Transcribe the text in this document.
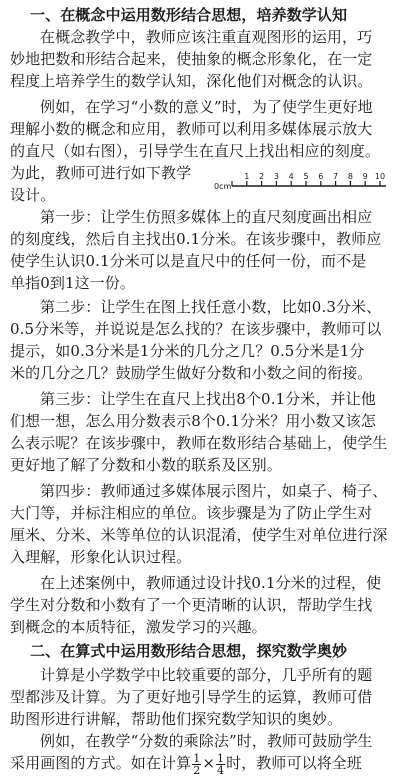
一、在概念中运用数形结合思想，培养数学认知
在概念教学中，教师应该注重直观图形的运用，巧
妙地把数和形结合起来，使抽象的概念形象化，在一定
程度上培养学生的数学认知，深化他们对概念的认识。
例如，在学习“小数的意义”时，为了使学生更好地
理解小数的概念和应用，教师可以利用多媒体展示放大
的直尺（如右图），引导学生在直尺上找出相应的刻度。
为此，教师可进行如下教学
设计。	0cm
1 2 3 4 5 6 7 8 9 10
第一步：让学生仿照多媒体上的直尺刻度画出相应
的刻度线，然后自主找出0.1分米。在该步骤中，教师应
使学生认识0.1分米可以是直尺中的任何一份，而不是
单指0到1这一份。
第二步：让学生在图上找任意小数，比如0.3分米、
0.5分米等，并说说是怎么找的？在该步骤中，教师可以
提示，如0.3分米是1分米的几分之几？0.5分米是1分
米的几分之几？鼓励学生做好分数和小数之间的衔接。
第三步：让学生在直尺上找出8个0.1分米，并让他
们想一想，怎么用分数表示8个0.1分米？用小数又该怎
么表示呢？在该步骤中，教师在数形结合基础上，使学生
更好地了解了分数和小数的联系及区别。
第四步：教师通过多媒体展示图片，如桌子、椅子、
大门等，并标注相应的单位。该步骤是为了防止学生对
厘米、分米、米等单位的认识混淆，使学生对单位进行深
入理解，形象化认识过程。
在上述案例中，教师通过设计找0.1分米的过程，使
学生对分数和小数有了一个更清晰的认识，帮助学生找
到概念的本质特征，激发学习的兴趣。
二、在算式中运用数形结合思想，探究数学奥妙
计算是小学数学中比较重要的部分，几乎所有的题
型都涉及计算。为了更好地引导学生的运算，教师可借
助图形进行讲解，帮助他们探究数学知识的奥妙。
例如，在教学“分数的乘除法”时，教师可鼓励学生
采用画图的方式。如在计算 $\frac{1}{2} \times \frac{1}{4}$ 时，教师可以将全班
